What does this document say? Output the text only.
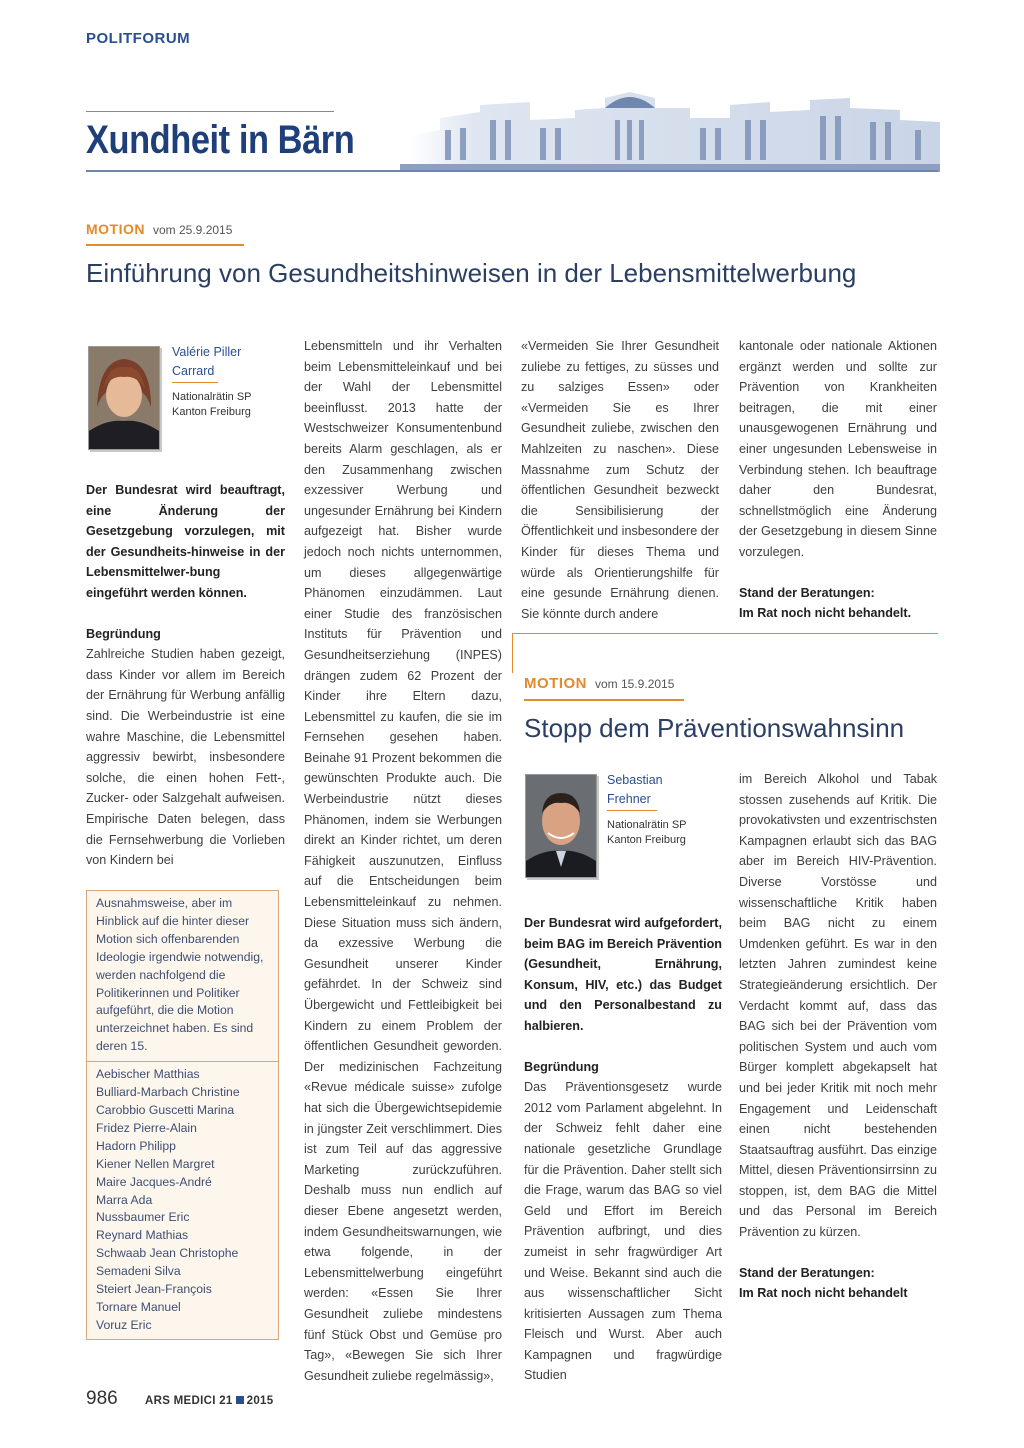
POLITFORUM
Xundheit in Bärn
MOTION vom 25.9.2015
Einführung von Gesundheitshinweisen in der Lebensmittelwerbung
Valérie Piller
Carrard
Nationalrätin SP
Kanton Freiburg

Der Bundesrat wird beauftragt, eine Änderung der Gesetzgebung vorzulegen, mit der Gesundheits-hinweise in der Lebensmittelwer-bung eingeführt werden können.

Begründung

Zahlreiche Studien haben gezeigt, dass Kinder vor allem im Bereich der Ernährung für Werbung anfällig sind. Die Werbeindustrie ist eine wahre Maschine, die Lebensmittel aggressiv bewirbt, insbesondere solche, die einen hohen Fett-, Zucker- oder Salzgehalt aufweisen. Empirische Daten belegen, dass die Fernsehwerbung die Vorlieben von Kindern bei

Ausnahmsweise, aber im Hinblick auf die hinter dieser Motion sich offenbarenden Ideologie irgendwie notwendig, werden nachfolgend die Politikerinnen und Politiker aufgeführt, die die Motion unterzeichnet haben. Es sind deren 15.

Aebischer Matthias
Bulliard-Marbach Christine
Carobbio Guscetti Marina
Fridez Pierre-Alain
Hadorn Philipp
Kiener Nellen Margret
Maire Jacques-André
Marra Ada
Nussbaumer Eric
Reynard Mathias
Schwaab Jean Christophe
Semadeni Silva
Steiert Jean-François
Tornare Manuel
Voruz Eric

Lebensmitteln und ihr Verhalten beim Lebensmitteleinkauf und bei der Wahl der Lebensmittel beeinflusst. 2013 hatte der Westschweizer Konsumentenbund bereits Alarm geschlagen, als er den Zusammenhang zwischen exzessiver Werbung und ungesunder Ernährung bei Kindern aufgezeigt hat. Bisher wurde jedoch noch nichts unternommen, um dieses allgegenwärtige Phänomen einzudämmen. Laut einer Studie des französischen Instituts für Prävention und Gesundheitserziehung (INPES) drängen zudem 62 Prozent der Kinder ihre Eltern dazu, Lebensmittel zu kaufen, die sie im Fernsehen gesehen haben. Beinahe 91 Prozent bekommen die gewünschten Produkte auch. Die Werbeindustrie nützt dieses Phänomen, indem sie Werbungen direkt an Kinder richtet, um deren Fähigkeit auszunutzen, Einfluss auf die Entscheidungen beim Lebensmitteleinkauf zu nehmen. Diese Situation muss sich ändern, da exzessive Werbung die Gesundheit unserer Kinder gefährdet. In der Schweiz sind Übergewicht und Fettleibigkeit bei Kindern zu einem Problem der öffentlichen Gesundheit geworden. Der medizinischen Fachzeitung «Revue médicale suisse» zufolge hat sich die Übergewichtsepidemie in jüngster Zeit verschlimmert. Dies ist zum Teil auf das aggressive Marketing zurückzuführen. Deshalb muss nun endlich auf dieser Ebene angesetzt werden, indem Gesundheitswarnungen, wie etwa folgende, in der Lebensmittelwerbung eingeführt werden: «Essen Sie Ihrer Gesundheit zuliebe mindestens fünf Stück Obst und Gemüse pro Tag», «Bewegen Sie sich Ihrer Gesundheit zuliebe regelmässig»,

«Vermeiden Sie Ihrer Gesundheit zuliebe zu fettiges, zu süsses und zu salziges Essen» oder «Vermeiden Sie es Ihrer Gesundheit zuliebe, zwischen den Mahlzeiten zu naschen». Diese Massnahme zum Schutz der öffentlichen Gesundheit bezweckt die Sensibilisierung der Öffentlichkeit und insbesondere der Kinder für dieses Thema und würde als Orientierungshilfe für eine gesunde Ernährung dienen. Sie könnte durch andere

kantonale oder nationale Aktionen ergänzt werden und sollte zur Prävention von Krankheiten beitragen, die mit einer unausgewogenen Ernährung und einer ungesunden Lebensweise in Verbindung stehen. Ich beauftrage daher den Bundesrat, schnellstmöglich eine Änderung der Gesetzgebung in diesem Sinne vorzulegen.

Stand der Beratungen:

Im Rat noch nicht behandelt.

MOTION vom 15.9.2015
Stopp dem Präventionswahnsinn
Sebastian
Frehner
Nationalrätin SP
Kanton Freiburg

Der Bundesrat wird aufgefordert, beim BAG im Bereich Prävention (Gesundheit, Ernährung, Konsum, HIV, etc.) das Budget und den Personalbestand zu halbieren.

Begründung

Das Präventionsgesetz wurde 2012 vom Parlament abgelehnt. In der Schweiz fehlt daher eine nationale gesetzliche Grundlage für die Prävention. Daher stellt sich die Frage, warum das BAG so viel Geld und Effort im Bereich Prävention aufbringt, und dies zumeist in sehr fragwürdiger Art und Weise. Bekannt sind auch die aus wissenschaftlicher Sicht kritisierten Aussagen zum Thema Fleisch und Wurst. Aber auch Kampagnen und fragwürdige Studien

im Bereich Alkohol und Tabak stossen zusehends auf Kritik. Die provokativsten und exzentrischsten Kampagnen erlaubt sich das BAG aber im Bereich HIV-Prävention. Diverse Vorstösse und wissenschaftliche Kritik haben beim BAG nicht zu einem Umdenken geführt. Es war in den letzten Jahren zumindest keine Strategieänderung ersichtlich. Der Verdacht kommt auf, dass das BAG sich bei der Prävention vom politischen System und auch vom Bürger komplett abgekapselt hat und bei jeder Kritik mit noch mehr Engagement und Leidenschaft einen nicht bestehenden Staatsauftrag ausführt. Das einzige Mittel, diesen Präventionsirrsinn zu stoppen, ist, dem BAG die Mittel und das Personal im Bereich Prävention zu kürzen.

Stand der Beratungen:

Im Rat noch nicht behandelt

986 ARS MEDICI 21 2015
